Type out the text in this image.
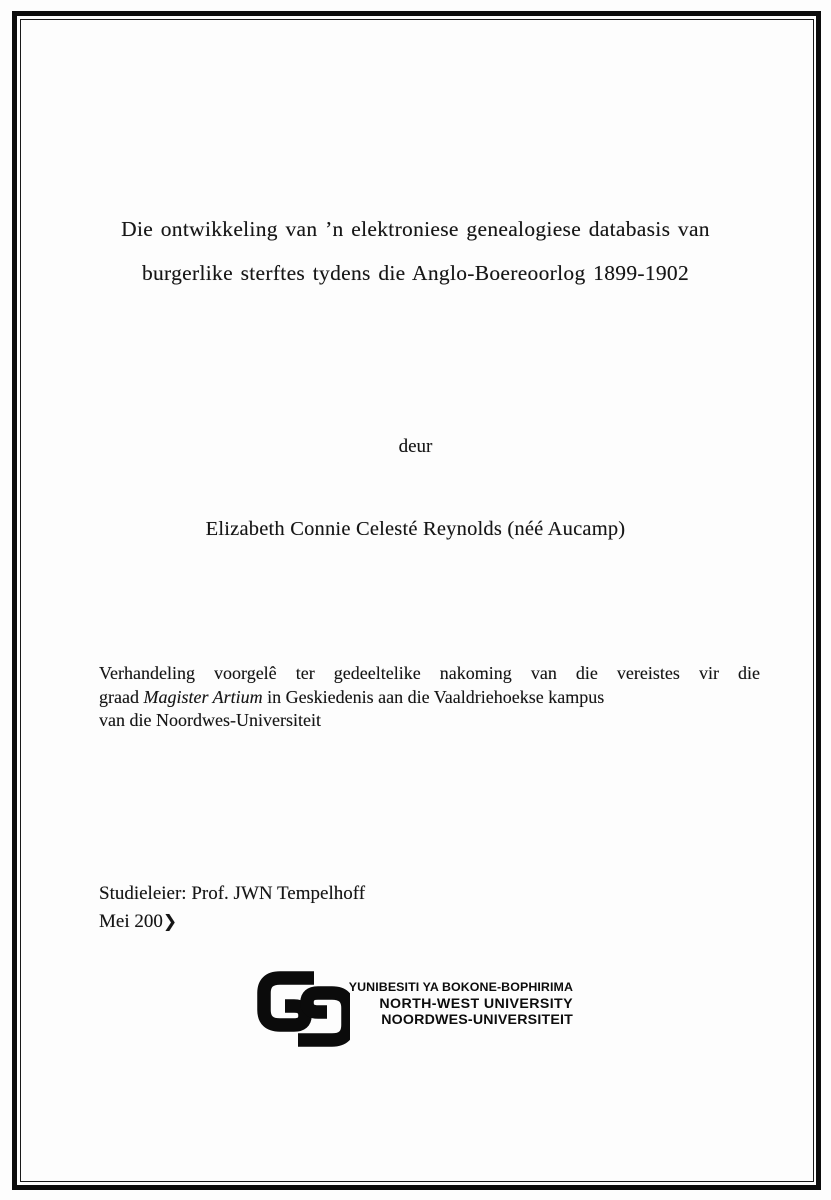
Die ontwikkeling van ’n elektroniese genealogiese databasis van
burgerlike sterftes tydens die Anglo-Boereoorlog 1899-1902
deur
Elizabeth Connie Celesté Reynolds (néé Aucamp)
Verhandeling voorgelê ter gedeeltelike nakoming van die vereistes vir die
graad Magister Artium in Geskiedenis aan die Vaaldriehoekse kampus
van die Noordwes-Universiteit
Studieleier: Prof. JWN Tempelhoff
Mei 200❯
YUNIBESITI YA BOKONE-BOPHIRIMA
NORTH-WEST UNIVERSITY
NOORDWES-UNIVERSITEIT
